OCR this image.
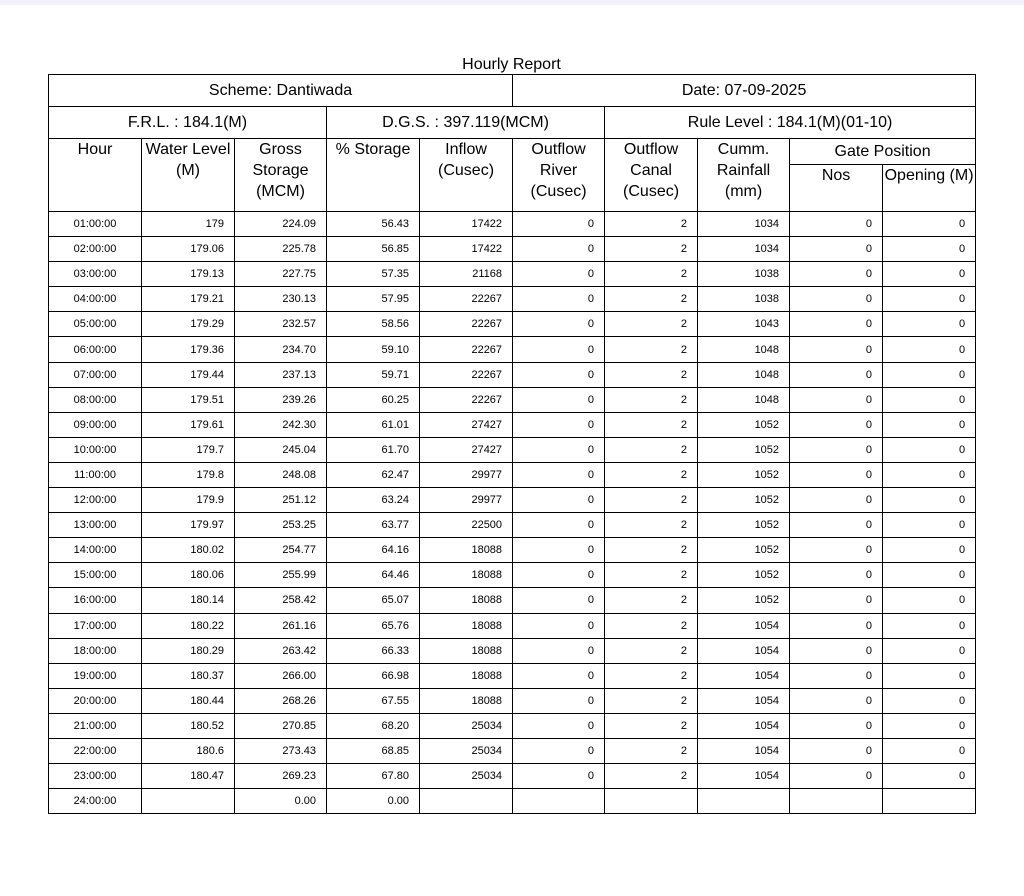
Hourly Report
Scheme: Dantiwada					Date: 07-09-2025				
F.R.L. : 184.1(M)			D.G.S. : 397.119(MCM)			Rule Level : 184.1(M)(01-10)			
Hour	Water Level (M)	Gross Storage (MCM)	% Storage	Inflow (Cusec)	Outflow River (Cusec)	Outflow Canal (Cusec)	Cumm. Rainfall (mm)	Gate Position	
								Nos	Opening (M)
01:00:00	179	224.09	56.43	17422	0	2	1034	0	0
02:00:00	179.06	225.78	56.85	17422	0	2	1034	0	0
03:00:00	179.13	227.75	57.35	21168	0	2	1038	0	0
04:00:00	179.21	230.13	57.95	22267	0	2	1038	0	0
05:00:00	179.29	232.57	58.56	22267	0	2	1043	0	0
06:00:00	179.36	234.70	59.10	22267	0	2	1048	0	0
07:00:00	179.44	237.13	59.71	22267	0	2	1048	0	0
08:00:00	179.51	239.26	60.25	22267	0	2	1048	0	0
09:00:00	179.61	242.30	61.01	27427	0	2	1052	0	0
10:00:00	179.7	245.04	61.70	27427	0	2	1052	0	0
11:00:00	179.8	248.08	62.47	29977	0	2	1052	0	0
12:00:00	179.9	251.12	63.24	29977	0	2	1052	0	0
13:00:00	179.97	253.25	63.77	22500	0	2	1052	0	0
14:00:00	180.02	254.77	64.16	18088	0	2	1052	0	0
15:00:00	180.06	255.99	64.46	18088	0	2	1052	0	0
16:00:00	180.14	258.42	65.07	18088	0	2	1052	0	0
17:00:00	180.22	261.16	65.76	18088	0	2	1054	0	0
18:00:00	180.29	263.42	66.33	18088	0	2	1054	0	0
19:00:00	180.37	266.00	66.98	18088	0	2	1054	0	0
20:00:00	180.44	268.26	67.55	18088	0	2	1054	0	0
21:00:00	180.52	270.85	68.20	25034	0	2	1054	0	0
22:00:00	180.6	273.43	68.85	25034	0	2	1054	0	0
23:00:00	180.47	269.23	67.80	25034	0	2	1054	0	0
24:00:00		0.00	0.00						
